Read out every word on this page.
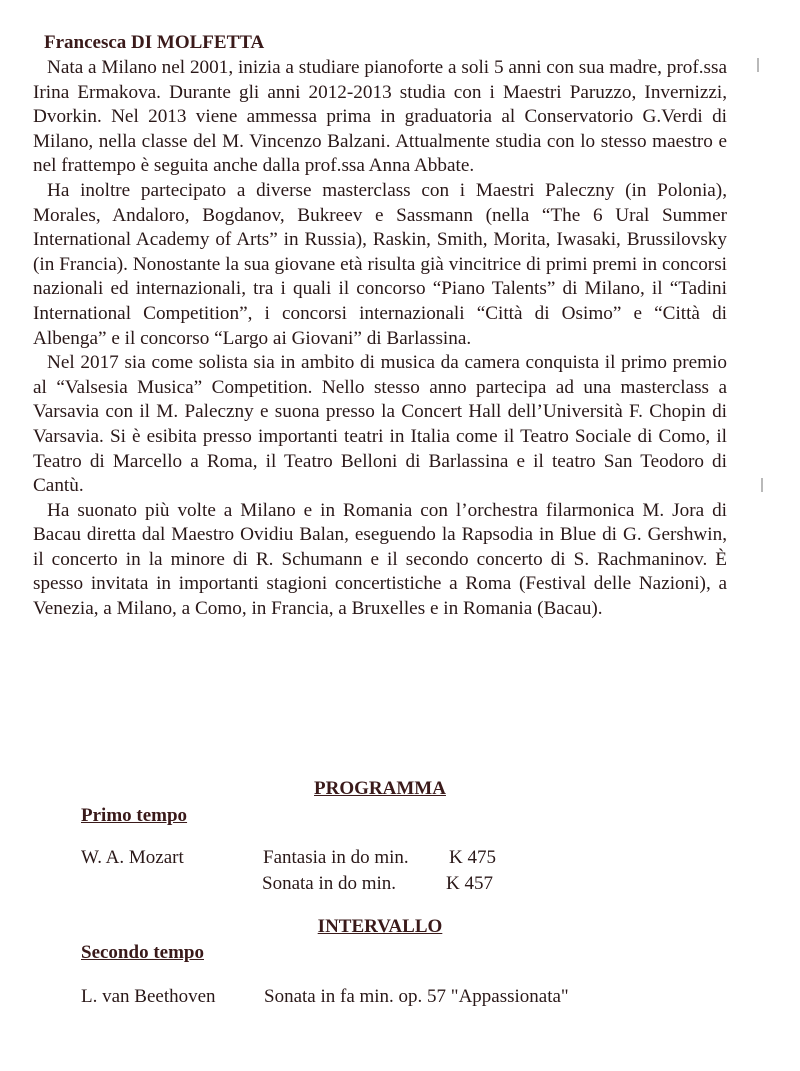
Francesca DI MOLFETTA

Nata a Milano nel 2001, inizia a studiare pianoforte a soli 5 anni con sua madre, prof.ssa Irina Ermakova. Durante gli anni 2012-2013 studia con i Maestri Paruzzo, Invernizzi, Dvorkin. Nel 2013 viene ammessa prima in graduatoria al Conservatorio G.Verdi di Milano, nella classe del M. Vincenzo Balzani. Attualmente studia con lo stesso maestro e nel frattempo è seguita anche dalla prof.ssa Anna Abbate.

Ha inoltre partecipato a diverse masterclass con i Maestri Paleczny (in Polonia), Morales, Andaloro, Bogdanov, Bukreev e Sassmann (nella “The 6 Ural Summer International Academy of Arts” in Russia), Raskin, Smith, Morita, Iwasaki, Brussilovsky (in Francia). Nonostante la sua giovane età risulta già vincitrice di primi premi in concorsi nazionali ed internazionali, tra i quali il concorso “Piano Talents” di Milano, il “Tadini International Competition”, i concorsi internazionali “Città di Osimo” e “Città di Albenga” e il concorso “Largo ai Giovani” di Barlassina.

Nel 2017 sia come solista sia in ambito di musica da camera conquista il primo premio al “Valsesia Musica” Competition. Nello stesso anno partecipa ad una masterclass a Varsavia con il M. Paleczny e suona presso la Concert Hall dell’Università F. Chopin di Varsavia. Si è esibita presso importanti teatri in Italia come il Teatro Sociale di Como, il Teatro di Marcello a Roma, il Teatro Belloni di Barlassina e il teatro San Teodoro di Cantù.

Ha suonato più volte a Milano e in Romania con l’orchestra filarmonica M. Jora di Bacau diretta dal Maestro Ovidiu Balan, eseguendo la Rapsodia in Blue di G. Gershwin, il concerto in la minore di R. Schumann e il secondo concerto di S. Rachmaninov. È spesso invitata in importanti stagioni concertistiche a Roma (Festival delle Nazioni), a Venezia, a Milano, a Como, in Francia, a Bruxelles e in Romania (Bacau).

PROGRAMMA
Primo tempo
W. A. Mozart	Fantasia in do min. K 475
Sonata in do min.	K 457
INTERVALLO
Secondo tempo
L. van Beethoven	Sonata in fa min. op. 57 "Appassionata"
